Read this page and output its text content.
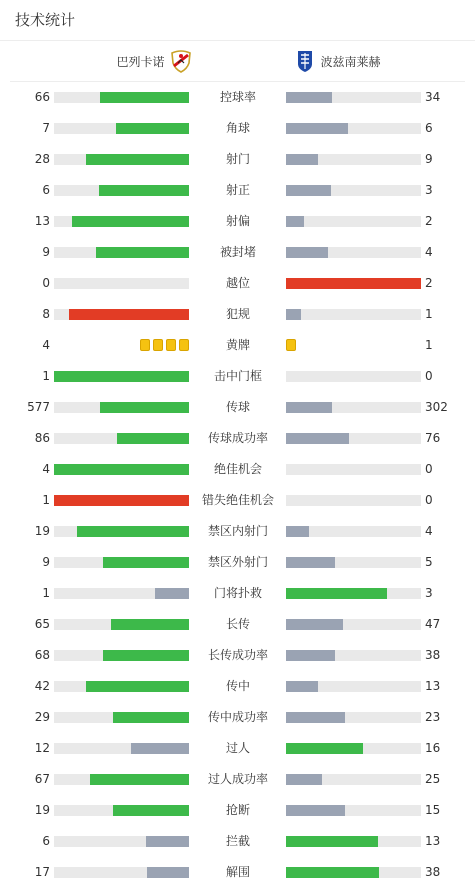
技术统计
巴列卡诺	波兹南莱赫
66	控球率	34
7	角球	6
28	射门	9
6	射正	3
13	射偏	2
9	被封堵	4
0	越位	2
8	犯规	1
4	黄牌	1
1	击中门框	0
577	传球	302
86	传球成功率	76
4	绝佳机会	0
1	错失绝佳机会	0
19	禁区内射门	4
9	禁区外射门	5
1	门将扑救	3
65	长传	47
68	长传成功率	38
42	传中	13
29	传中成功率	23
12	过人	16
67	过人成功率	25
19	抢断	15
6	拦截	13
17	解围	38
